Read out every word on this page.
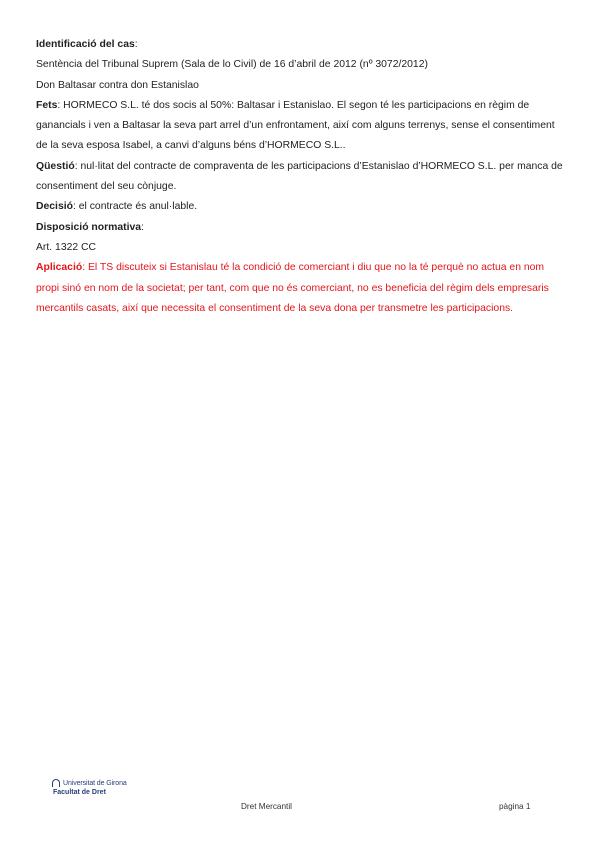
Identificació del cas:

Sentència del Tribunal Suprem (Sala de lo Civil) de 16 d’abril de 2012 (nº 3072/2012)

Don Baltasar contra don Estanislao

Fets: HORMECO S.L. té dos socis al 50%: Baltasar i Estanislao. El segon té les participacions en règim de ganancials i ven a Baltasar la seva part arrel d’un enfrontament, així com alguns terrenys, sense el consentiment de la seva esposa Isabel, a canvi d’alguns béns d’HORMECO S.L..

Qüestió: nul·litat del contracte de compraventa de les participacions d’Estanislao d’HORMECO S.L. per manca de consentiment del seu cònjuge.

Decisió: el contracte és anul·lable.

Disposició normativa:

Art. 1322 CC

Aplicació: El TS discuteix si Estanislau té la condició de comerciant i diu que no la té perquè no actua en nom propi sinó en nom de la societat; per tant, com que no és comerciant, no es beneficia del règim dels empresaris mercantils casats, així que necessita el consentiment de la seva dona per transmetre les participacions.

Universitat de Girona
Facultat de Dret
Dret Mercantil	pàgina 1
